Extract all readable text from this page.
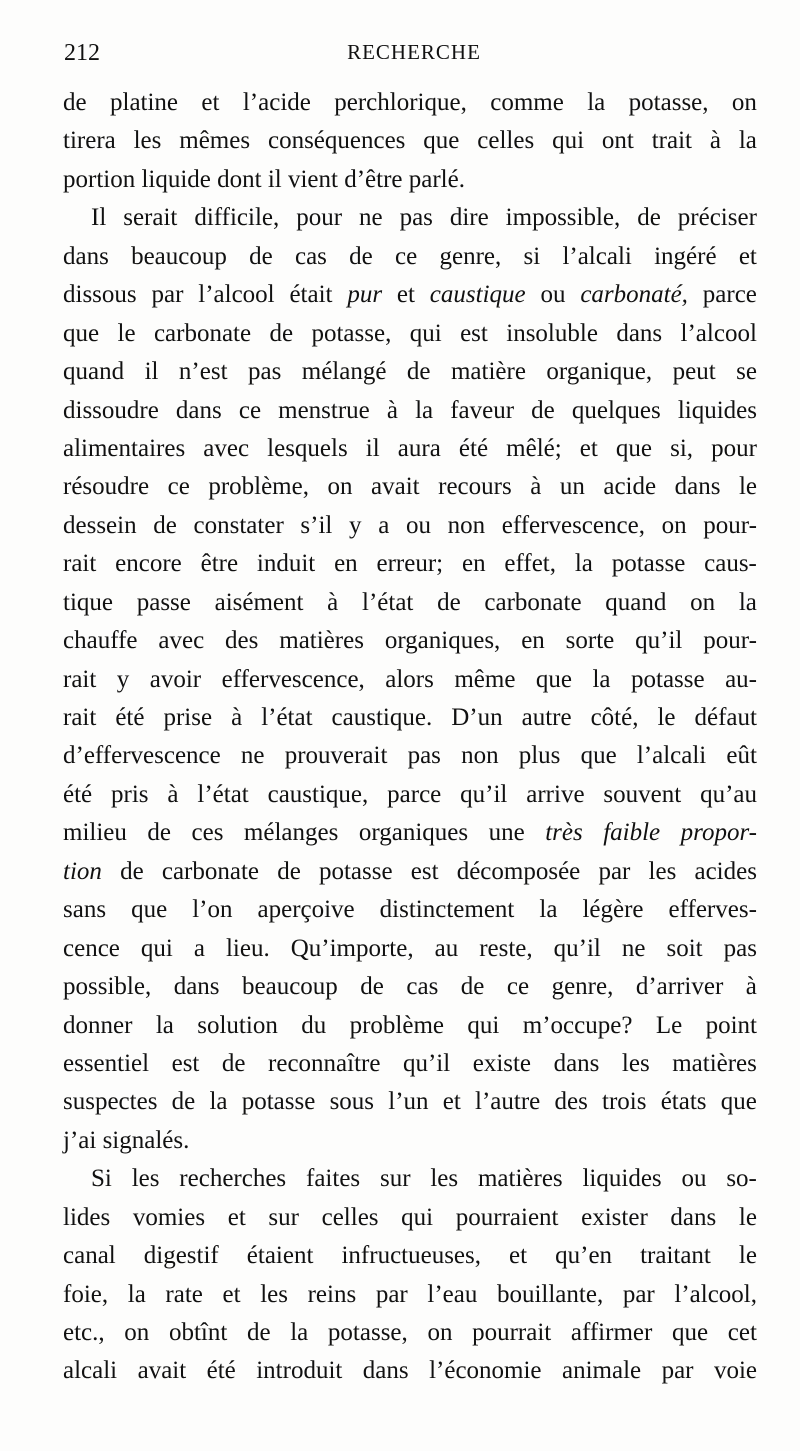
212	RECHERCHE
de platine et l’acide perchlorique, comme la potasse, on
tirera les mêmes conséquences que celles qui ont trait à la
portion liquide dont il vient d’être parlé.
Il serait difficile, pour ne pas dire impossible, de préciser
dans beaucoup de cas de ce genre, si l’alcali ingéré et
dissous par l’alcool était pur et caustique ou carbonaté, parce
que le carbonate de potasse, qui est insoluble dans l’alcool
quand il n’est pas mélangé de matière organique, peut se
dissoudre dans ce menstrue à la faveur de quelques liquides
alimentaires avec lesquels il aura été mêlé; et que si, pour
résoudre ce problème, on avait recours à un acide dans le
dessein de constater s’il y a ou non effervescence, on pour-
rait encore être induit en erreur; en effet, la potasse caus-
tique passe aisément à l’état de carbonate quand on la
chauffe avec des matières organiques, en sorte qu’il pour-
rait y avoir effervescence, alors même que la potasse au-
rait été prise à l’état caustique. D’un autre côté, le défaut
d’effervescence ne prouverait pas non plus que l’alcali eût
été pris à l’état caustique, parce qu’il arrive souvent qu’au
milieu de ces mélanges organiques une très faible propor-
tion de carbonate de potasse est décomposée par les acides
sans que l’on aperçoive distinctement la légère efferves-
cence qui a lieu. Qu’importe, au reste, qu’il ne soit pas
possible, dans beaucoup de cas de ce genre, d’arriver à
donner la solution du problème qui m’occupe? Le point
essentiel est de reconnaître qu’il existe dans les matières
suspectes de la potasse sous l’un et l’autre des trois états que
j’ai signalés.
Si les recherches faites sur les matières liquides ou so-
lides vomies et sur celles qui pourraient exister dans le
canal digestif étaient infructueuses, et qu’en traitant le
foie, la rate et les reins par l’eau bouillante, par l’alcool,
etc., on obtînt de la potasse, on pourrait affirmer que cet
alcali avait été introduit dans l’économie animale par voie
